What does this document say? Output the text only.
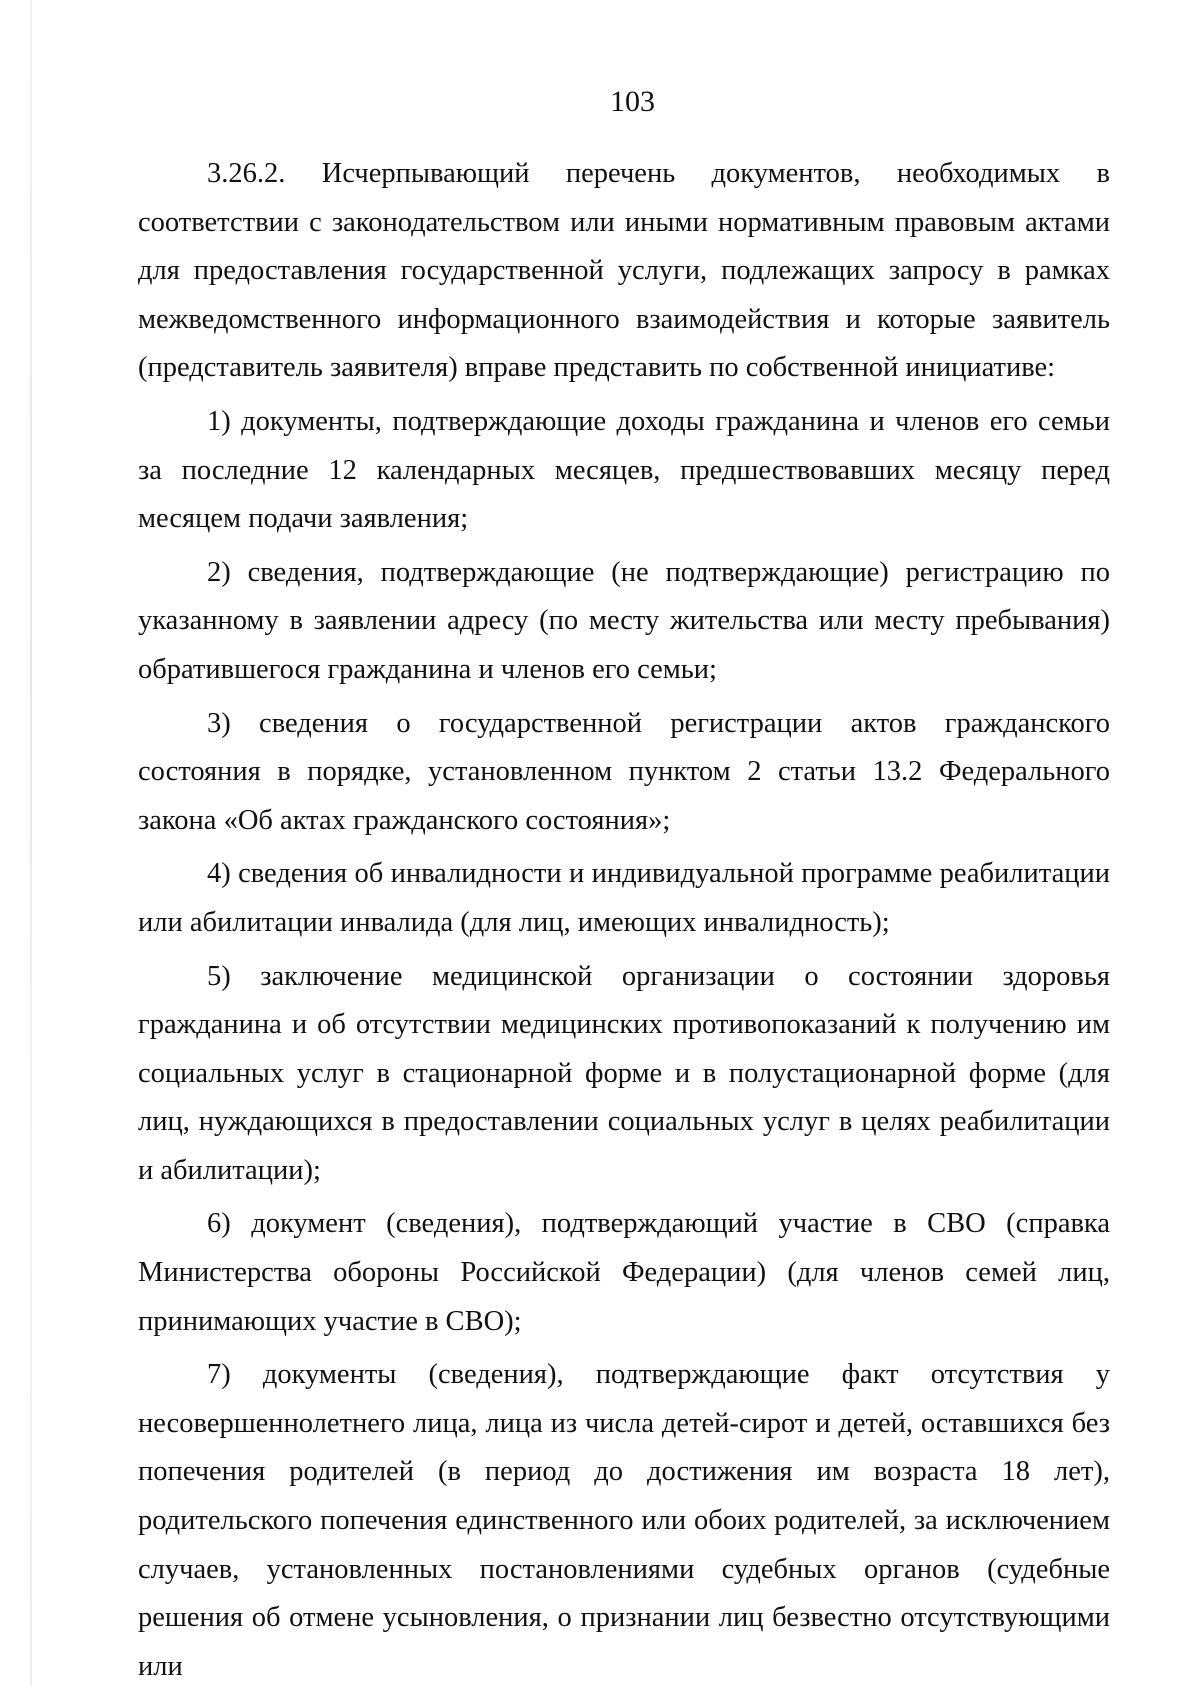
103

3.26.2. Исчерпывающий перечень документов, необходимых в соответствии с законодательством или иными нормативным правовым актами для предоставления государственной услуги, подлежащих запросу в рамках межведомственного информационного взаимодействия и которые заявитель (представитель заявителя) вправе представить по собственной инициативе:

1) документы, подтверждающие доходы гражданина и членов его семьи за последние 12 календарных месяцев, предшествовавших месяцу перед месяцем подачи заявления;

2) сведения, подтверждающие (не подтверждающие) регистрацию по указанному в заявлении адресу (по месту жительства или месту пребывания) обратившегося гражданина и членов его семьи;

3) сведения о государственной регистрации актов гражданского состояния в порядке, установленном пунктом 2 статьи 13.2 Федерального закона «Об актах гражданского состояния»;

4) сведения об инвалидности и индивидуальной программе реабилитации или абилитации инвалида (для лиц, имеющих инвалидность);

5) заключение медицинской организации о состоянии здоровья гражданина и об отсутствии медицинских противопоказаний к получению им социальных услуг в стационарной форме и в полустационарной форме (для лиц, нуждающихся в предоставлении социальных услуг в целях реабилитации и абилитации);

6) документ (сведения), подтверждающий участие в СВО (справка Министерства обороны Российской Федерации) (для членов семей лиц, принимающих участие в СВО);

7) документы (сведения), подтверждающие факт отсутствия у несовершеннолетнего лица, лица из числа детей-сирот и детей, оставшихся без попечения родителей (в период до достижения им возраста 18 лет), родительского попечения единственного или обоих родителей, за исключением случаев, установленных постановлениями судебных органов (судебные решения об отмене усыновления, о признании лиц безвестно отсутствующими или
